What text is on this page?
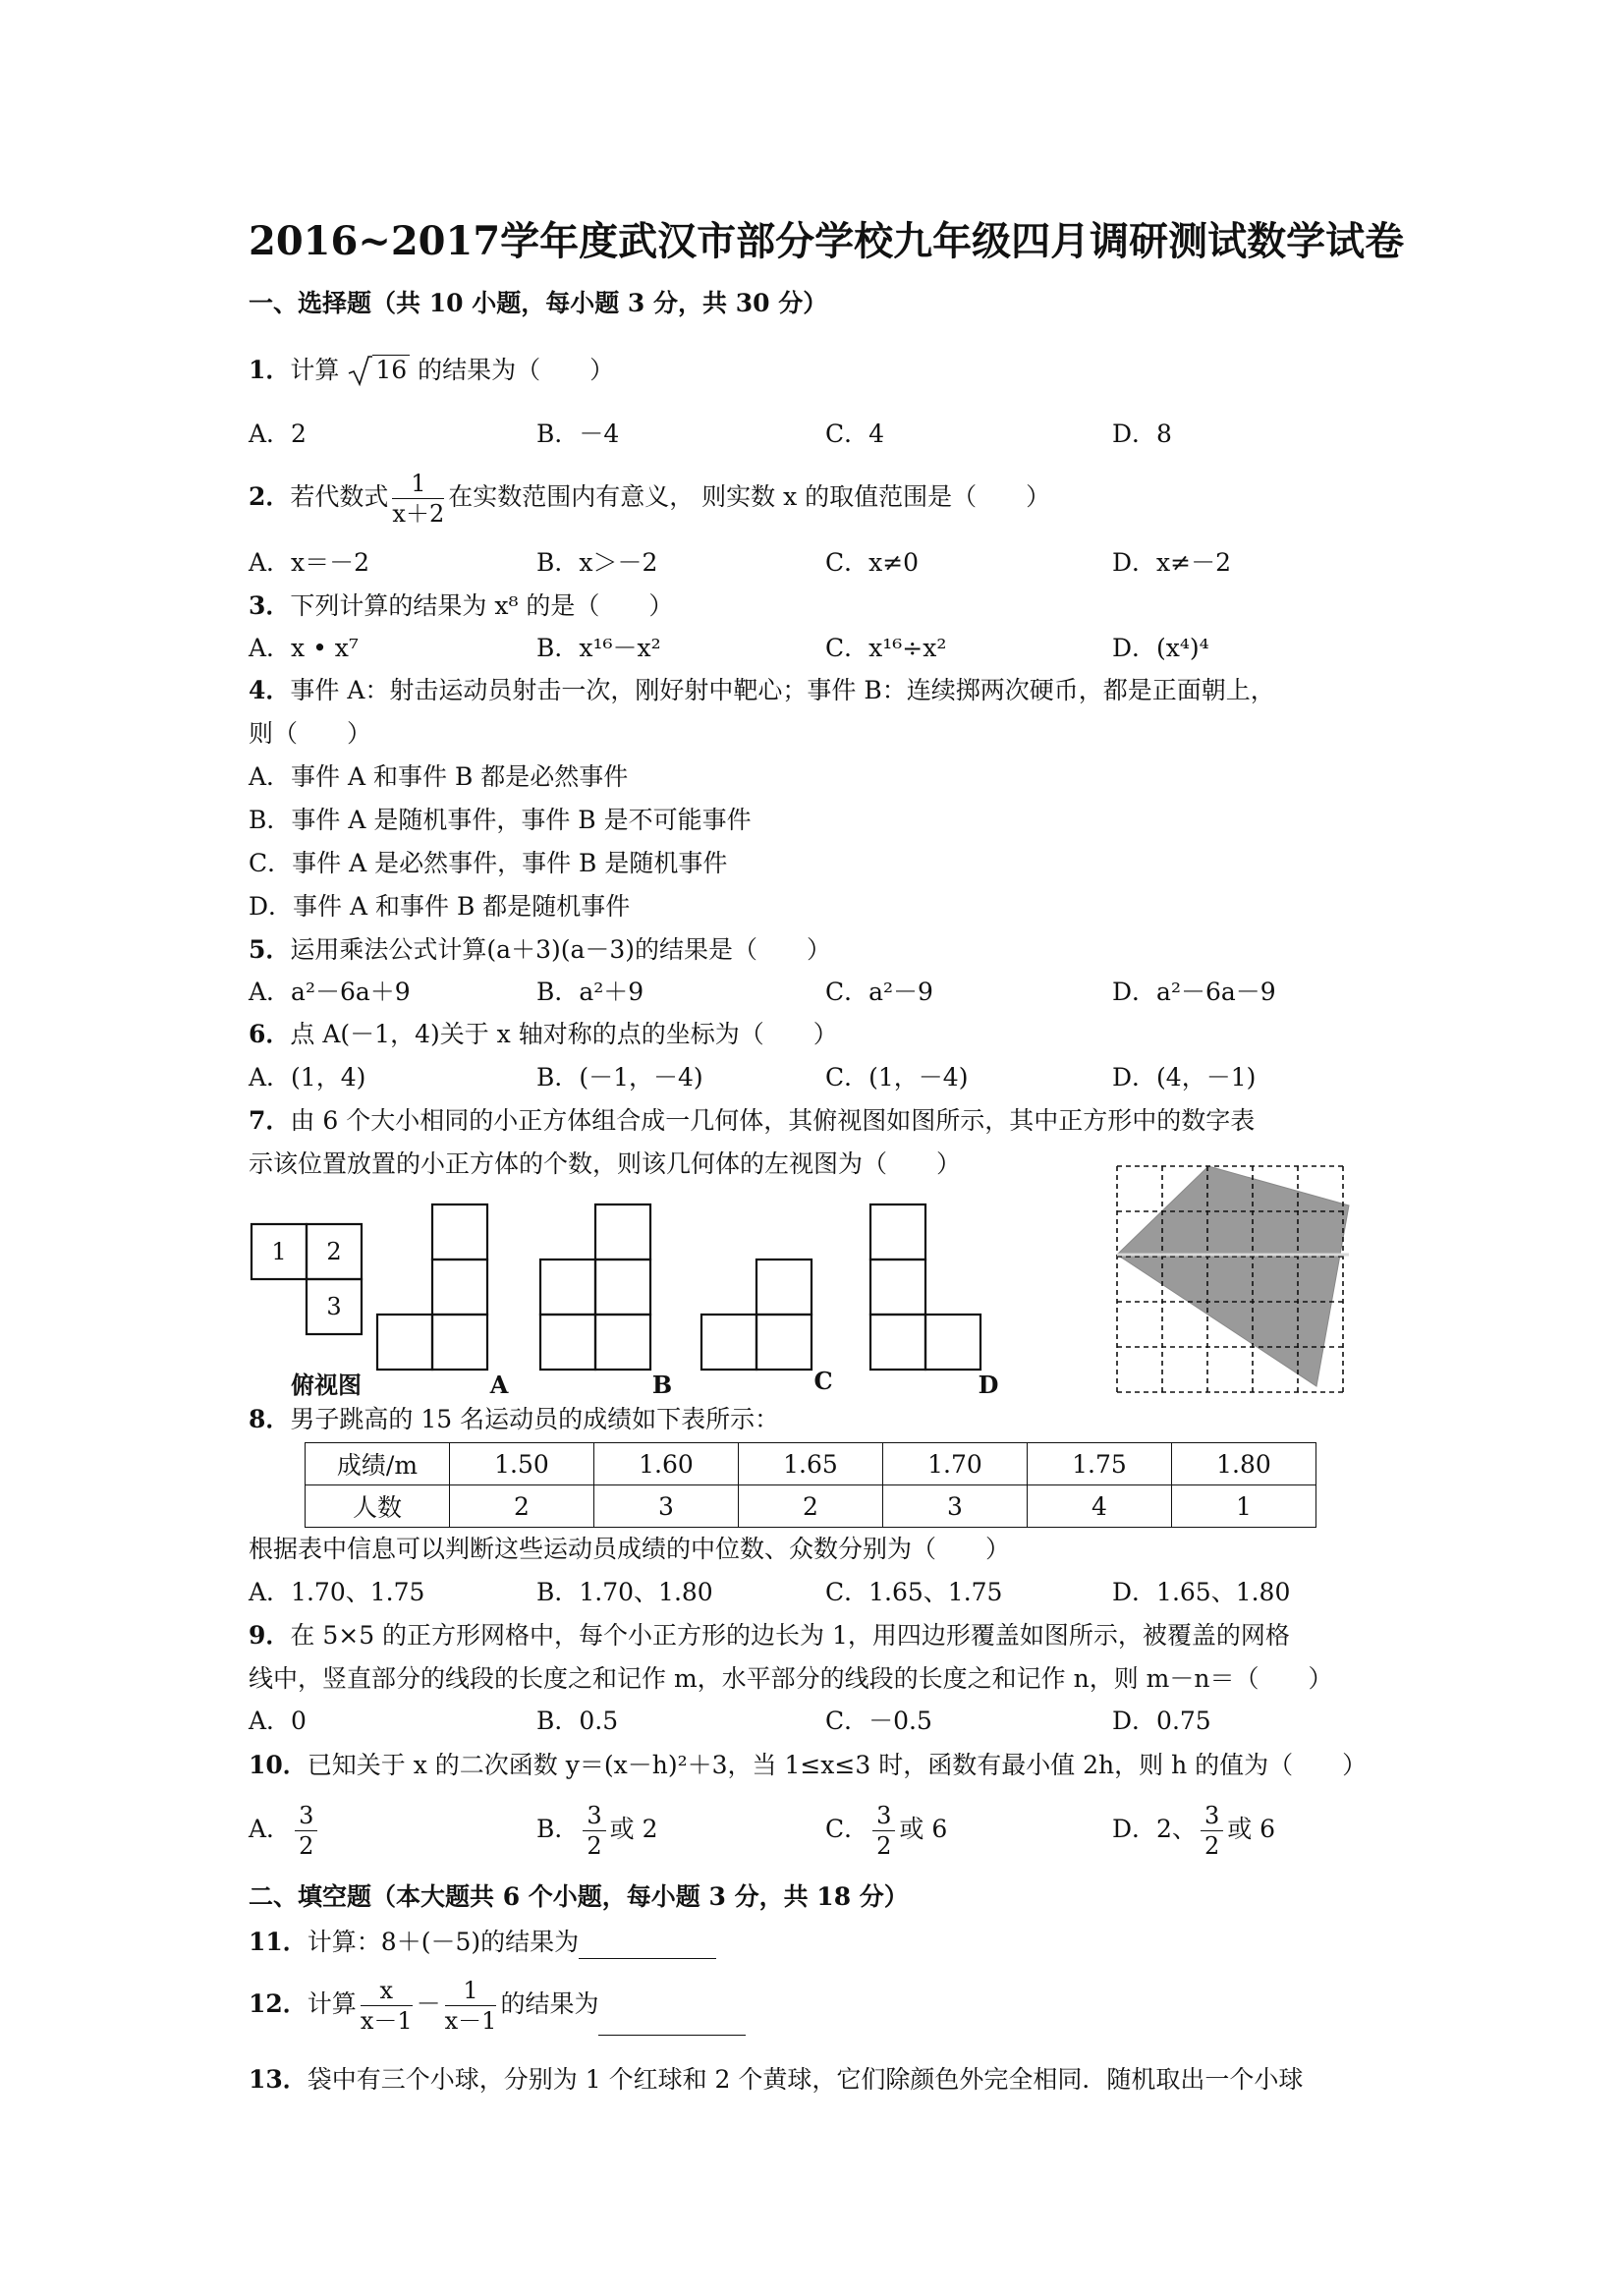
2016~2017学年度武汉市部分学校九年级四月调研测试数学试卷
一、选择题（共 10 小题，每小题 3 分，共 30 分）
1．计算 16 的结果为（　　）
A．2	B．－4	C．4	D．8
2．若代数式 $\frac{1}{x+2}$ 在实数范围内有意义， 则实数 x 的取值范围是（　　）
A．x＝－2	B．x＞－2	C．x≠0	D．x≠－2
3．下列计算的结果为 x⁸ 的是（　　）
A．x • x⁷	B．x¹⁶－x²	C．x¹⁶÷x²	D．(x⁴)⁴
4．事件 A：射击运动员射击一次，刚好射中靶心；事件 B：连续掷两次硬币，都是正面朝上，
则（　　）
A．事件 A 和事件 B 都是必然事件
B．事件 A 是随机事件，事件 B 是不可能事件
C．事件 A 是必然事件，事件 B 是随机事件
D．事件 A 和事件 B 都是随机事件
5．运用乘法公式计算(a＋3)(a－3)的结果是（　　）
A．a²－6a＋9	B．a²＋9	C．a²－9	D．a²－6a－9
6．点 A(－1，4)关于 x 轴对称的点的坐标为（　　）
A．(1，4)	B．(－1，－4)	C．(1，－4)	D．(4，－1)
7．由 6 个大小相同的小正方体组合成一几何体，其俯视图如图所示，其中正方形中的数字表
示该位置放置的小正方体的个数，则该几何体的左视图为（　　）
1 2
3
俯视图	A	B	C	D
8．男子跳高的 15 名运动员的成绩如下表所示：
成绩/m	1.50	1.60	1.65	1.70	1.75	1.80
人数	2	3	2	3	4	1
根据表中信息可以判断这些运动员成绩的中位数、众数分别为（　　）
A．1.70、1.75	B．1.70、1.80	C．1.65、1.75	D．1.65、1.80
9．在 5×5 的正方形网格中，每个小正方形的边长为 1，用四边形覆盖如图所示，被覆盖的网格
线中，竖直部分的线段的长度之和记作 m，水平部分的线段的长度之和记作 n，则 m－n＝（　　）
A．0	B．0.5	C．－0.5	D．0.75
10．已知关于 x 的二次函数 y＝(x－h)²＋3，当 1≤x≤3 时，函数有最小值 2h，则 h 的值为（　　）
A． $\frac{3}{2}$	B． $\frac{3}{2}$ 或 2	C． $\frac{3}{2}$ 或 6	D．2、 $\frac{3}{2}$ 或 6
二、填空题（本大题共 6 个小题，每小题 3 分，共 18 分）
11．计算：8＋(－5)的结果为
12．计算 $\frac{x}{x-1} - \frac{1}{x-1}$ 的结果为
13．袋中有三个小球，分别为 1 个红球和 2 个黄球，它们除颜色外完全相同．随机取出一个小球
